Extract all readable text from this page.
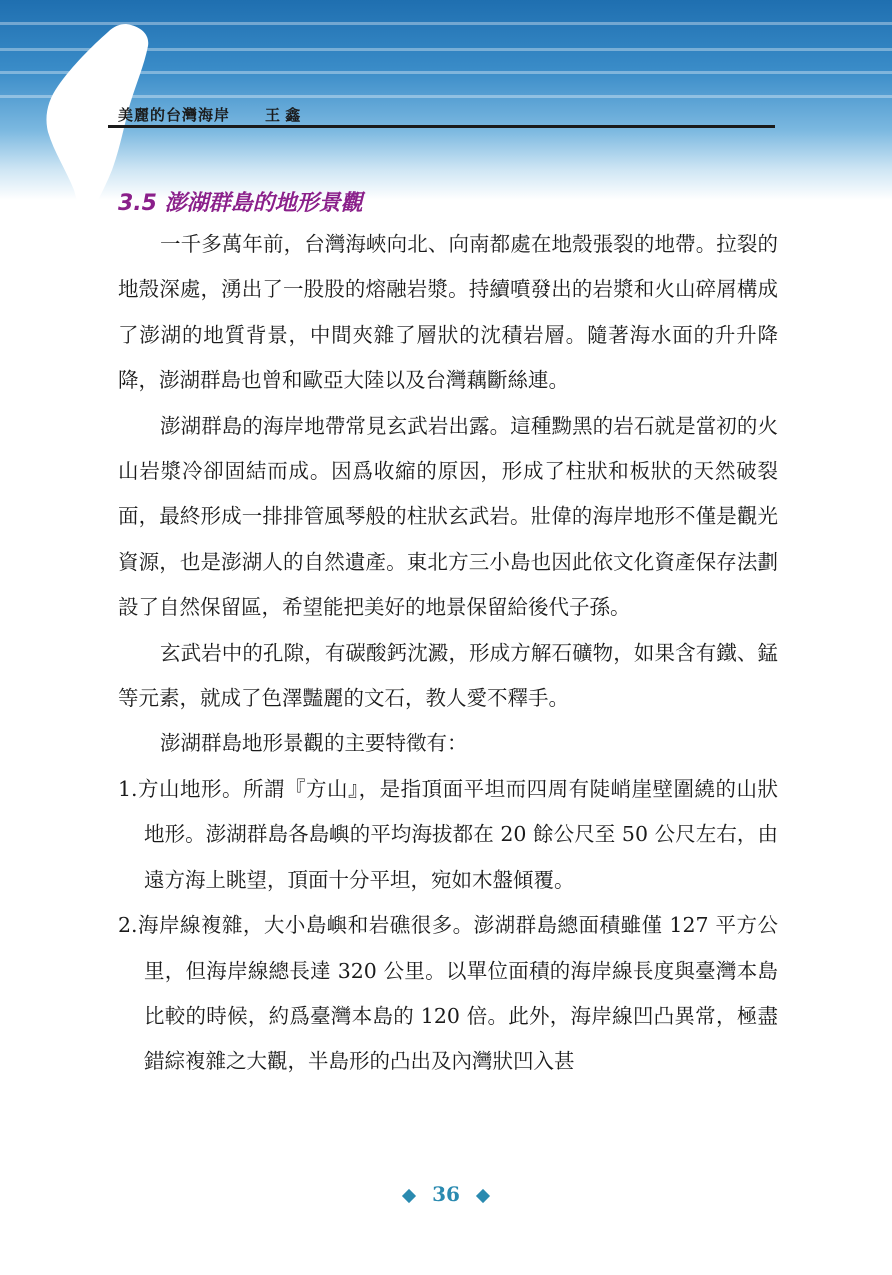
美麗的台灣海岸 王 鑫
3.5 澎湖群島的地形景觀

一千多萬年前，台灣海峽向北、向南都處在地殼張裂的地帶。拉裂的地殼深處，湧出了一股股的熔融岩漿。持續噴發出的岩漿和火山碎屑構成了澎湖的地質背景，中間夾雜了層狀的沈積岩層。隨著海水面的升升降降，澎湖群島也曾和歐亞大陸以及台灣藕斷絲連。

澎湖群島的海岸地帶常見玄武岩出露。這種黝黑的岩石就是當初的火山岩漿冷卻固結而成。因爲收縮的原因，形成了柱狀和板狀的天然破裂面，最終形成一排排管風琴般的柱狀玄武岩。壯偉的海岸地形不僅是觀光資源，也是澎湖人的自然遺產。東北方三小島也因此依文化資產保存法劃設了自然保留區，希望能把美好的地景保留給後代子孫。

玄武岩中的孔隙，有碳酸鈣沈澱，形成方解石礦物，如果含有鐵、錳等元素，就成了色澤豔麗的文石，教人愛不釋手。

澎湖群島地形景觀的主要特徵有：

1.方山地形。所謂『方山』，是指頂面平坦而四周有陡峭崖壁圍繞的山狀地形。澎湖群島各島嶼的平均海拔都在 20 餘公尺至 50 公尺左右，由遠方海上眺望，頂面十分平坦，宛如木盤傾覆。

2.海岸線複雜，大小島嶼和岩礁很多。澎湖群島總面積雖僅 127 平方公里，但海岸線總長達 320 公里。以單位面積的海岸線長度與臺灣本島比較的時候，約爲臺灣本島的 120 倍。此外，海岸線凹凸異常，極盡錯綜複雜之大觀，半島形的凸出及內灣狀凹入甚

36
